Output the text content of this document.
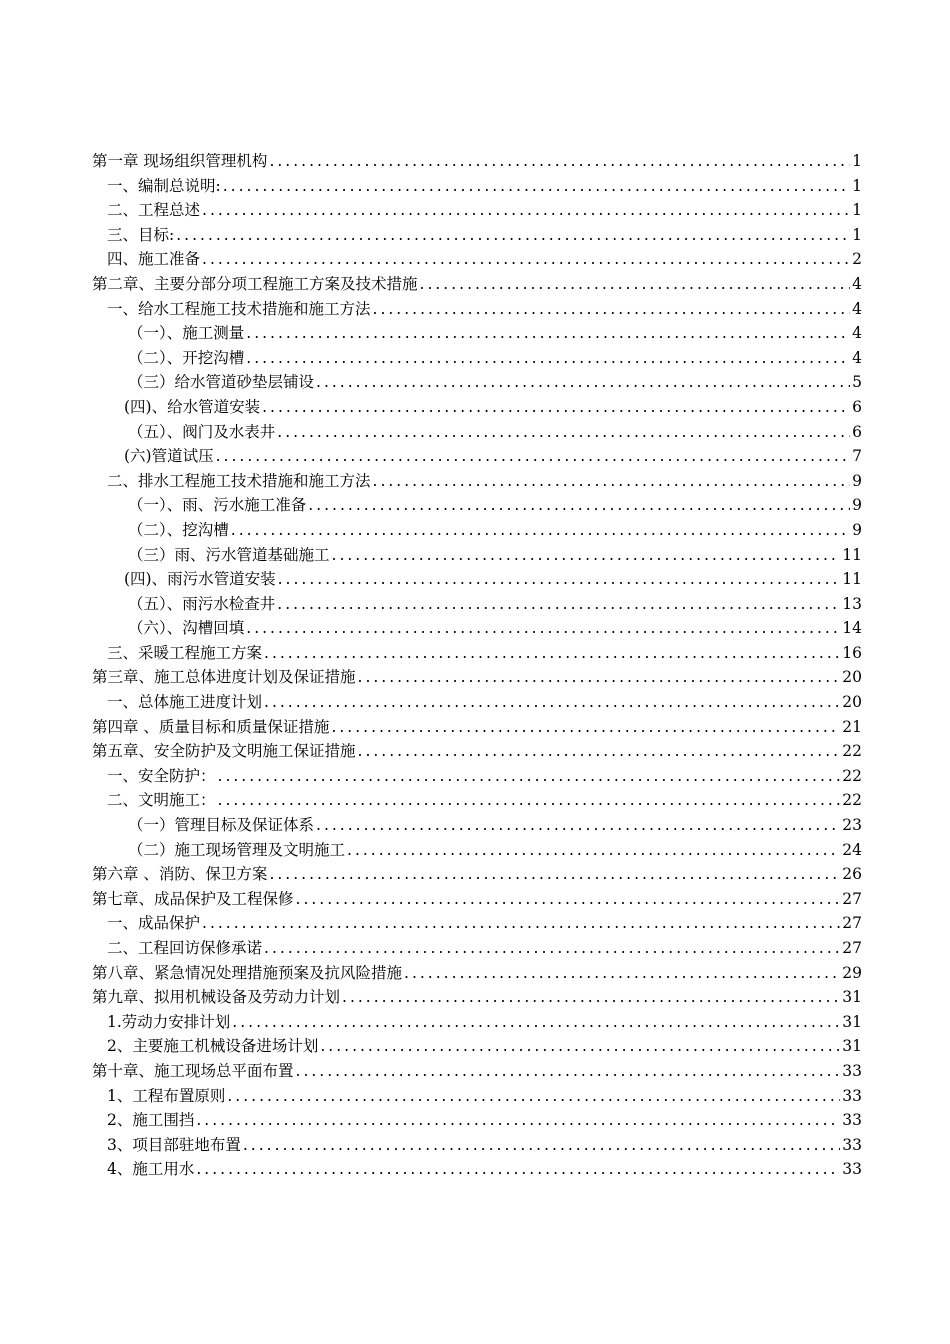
第一章 现场组织管理机构 .....	1
一、编制总说明: .....	1
二、工程总述 .....	1
三、目标: .....	1
四、施工准备 .....	2
第二章、主要分部分项工程施工方案及技术措施 .....	4
一、给水工程施工技术措施和施工方法 .....	4
（一）、施工测量 .....	4
（二）、开挖沟槽 .....	4
（三）给水管道砂垫层铺设 .....	5
(四)、给水管道安装 .....	6
（五）、阀门及水表井 .....	6
(六)管道试压 .....	7
二、排水工程施工技术措施和施工方法 .....	9
（一）、雨、污水施工准备 .....	9
（二）、挖沟槽 .....	9
（三）雨、污水管道基础施工 .....	11
(四)、雨污水管道安装 .....	11
（五）、雨污水检查井 .....	13
（六）、沟槽回填 .....	14
三、采暖工程施工方案 .....	16
第三章、施工总体进度计划及保证措施 .....	20
一、总体施工进度计划 .....	20
第四章 、质量目标和质量保证措施 .....	21
第五章、安全防护及文明施工保证措施 .....	22
一、安全防护： .....	22
二、文明施工： .....	22
（一）管理目标及保证体系 .....	23
（二）施工现场管理及文明施工 .....	24
第六章 、消防、保卫方案 .....	26
第七章、成品保护及工程保修 .....	27
一、成品保护 .....	27
二、工程回访保修承诺 .....	27
第八章、紧急情况处理措施预案及抗风险措施 .....	29
第九章、拟用机械设备及劳动力计划 .....	31
1.劳动力安排计划 .....	31
2、主要施工机械设备进场计划 .....	31
第十章、施工现场总平面布置 .....	33
1、工程布置原则 .....	33
2、施工围挡 .....	33
3、项目部驻地布置 .....	33
4、施工用水 .....	33
